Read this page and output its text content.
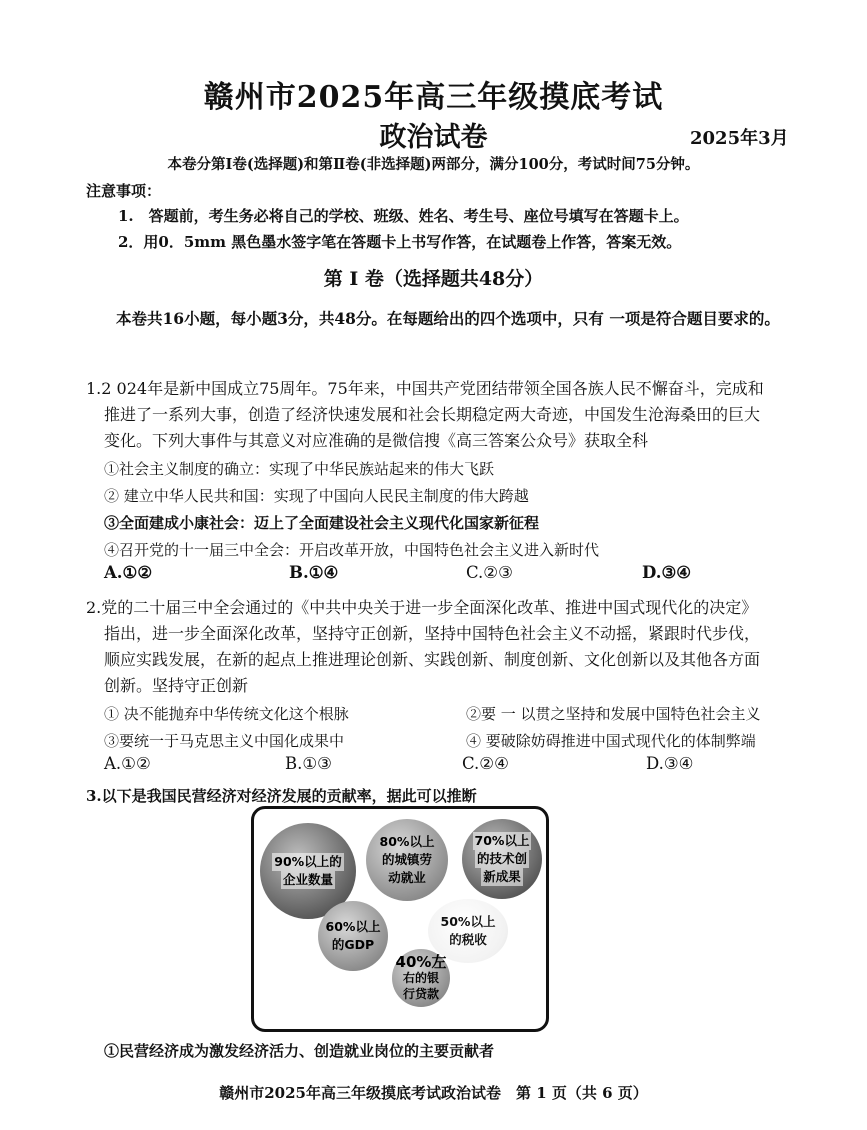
赣州市2025年高三年级摸底考试
政治试卷	2025年3月
本卷分第Ⅰ卷(选择题)和第Ⅱ卷(非选择题)两部分，满分100分，考试时间75分钟。
注意事项：
1.　答题前，考生务必将自己的学校、班级、姓名、考生号、座位号填写在答题卡上。
2．用0．5mm 黑色墨水签字笔在答题卡上书写作答，在试题卷上作答，答案无效。
第 I 卷（选择题共48分）
本卷共16小题，每小题3分，共48分。在每题给出的四个选项中，只有 一项是符合题目要求的。
1.2 024年是新中国成立75周年。75年来，中国共产党团结带领全国各族人民不懈奋斗，完成和
推进了一系列大事，创造了经济快速发展和社会长期稳定两大奇迹，中国发生沧海桑田的巨大
变化。下列大事件与其意义对应准确的是微信搜《高三答案公众号》获取全科
①社会主义制度的确立：实现了中华民族站起来的伟大飞跃
② 建立中华人民共和国：实现了中国向人民民主制度的伟大跨越
③全面建成小康社会：迈上了全面建设社会主义现代化国家新征程
④召开党的十一届三中全会：开启改革开放，中国特色社会主义进入新时代
A.①②	B.①④	C.②③	D.③④
2.党的二十届三中全会通过的《中共中央关于进一步全面深化改革、推进中国式现代化的决定》
指出，进一步全面深化改革，坚持守正创新，坚持中国特色社会主义不动摇，紧跟时代步伐，
顺应实践发展，在新的起点上推进理论创新、实践创新、制度创新、文化创新以及其他各方面
创新。坚持守正创新
① 决不能抛弃中华传统文化这个根脉	②要 一 以贯之坚持和发展中国特色社会主义
③要统一于马克思主义中国化成果中	④ 要破除妨碍推进中国式现代化的体制弊端
A.①②	B.①③	C.②④	D.③④
3.以下是我国民营经济对经济发展的贡献率，据此可以推断
90%以上的
企业数量
80%以上
的城镇劳
动就业
70%以上
的技术创
新成果
60%以上
的GDP
50%以上
的税收
40%左
右的银
行贷款
①民营经济成为激发经济活力、创造就业岗位的主要贡献者
赣州市2025年高三年级摸底考试政治试卷　第 1 页（共 6 页）
